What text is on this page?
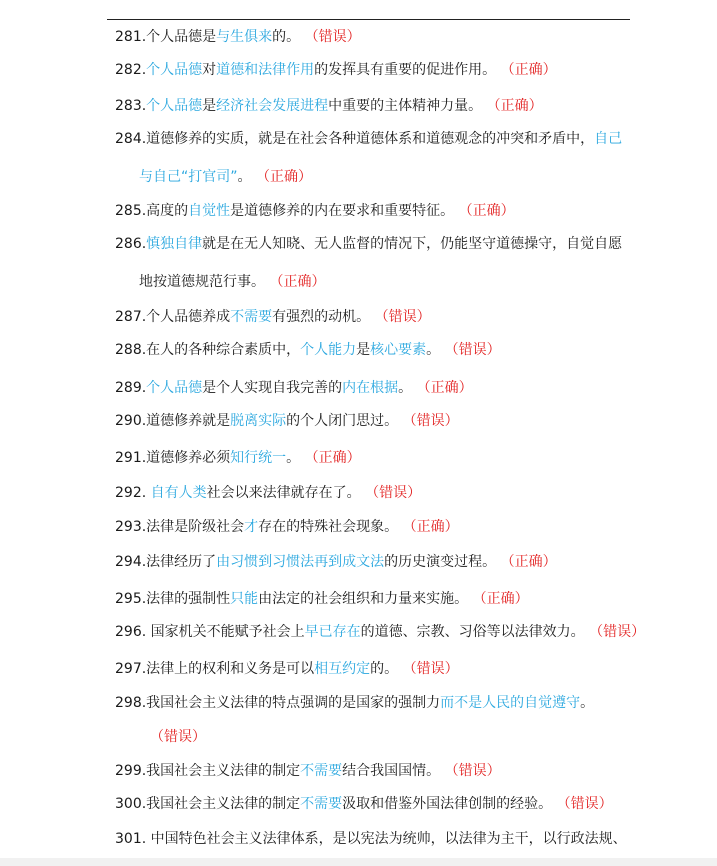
281.个人品德是与生俱来的。 （错误）
282.个人品德对道德和法律作用的发挥具有重要的促进作用。 （正确）
283.个人品德是经济社会发展进程中重要的主体精神力量。 （正确）
284.道德修养的实质，就是在社会各种道德体系和道德观念的冲突和矛盾中，自己
与自己“打官司”。 （正确）
285.高度的自觉性是道德修养的内在要求和重要特征。 （正确）
286.慎独自律就是在无人知晓、无人监督的情况下，仍能坚守道德操守，自觉自愿
地按道德规范行事。 （正确）
287.个人品德养成不需要有强烈的动机。 （错误）
288.在人的各种综合素质中，个人能力是核心要素。 （错误）
289.个人品德是个人实现自我完善的内在根据。 （正确）
290.道德修养就是脱离实际的个人闭门思过。 （错误）
291.道德修养必须知行统一。 （正确）
292. 自有人类社会以来法律就存在了。 （错误）
293.法律是阶级社会才存在的特殊社会现象。 （正确）
294.法律经历了由习惯到习惯法再到成文法的历史演变过程。 （正确）
295.法律的强制性只能由法定的社会组织和力量来实施。 （正确）
296. 国家机关不能赋予社会上早已存在的道德、宗教、习俗等以法律效力。 （错误）
297.法律上的权利和义务是可以相互约定的。 （错误）
298.我国社会主义法律的特点强调的是国家的强制力而不是人民的自觉遵守。
（错误）
299.我国社会主义法律的制定不需要结合我国国情。 （错误）
300.我国社会主义法律的制定不需要汲取和借鉴外国法律创制的经验。 （错误）
301. 中国特色社会主义法律体系，是以宪法为统帅，以法律为主干，以行政法规、
